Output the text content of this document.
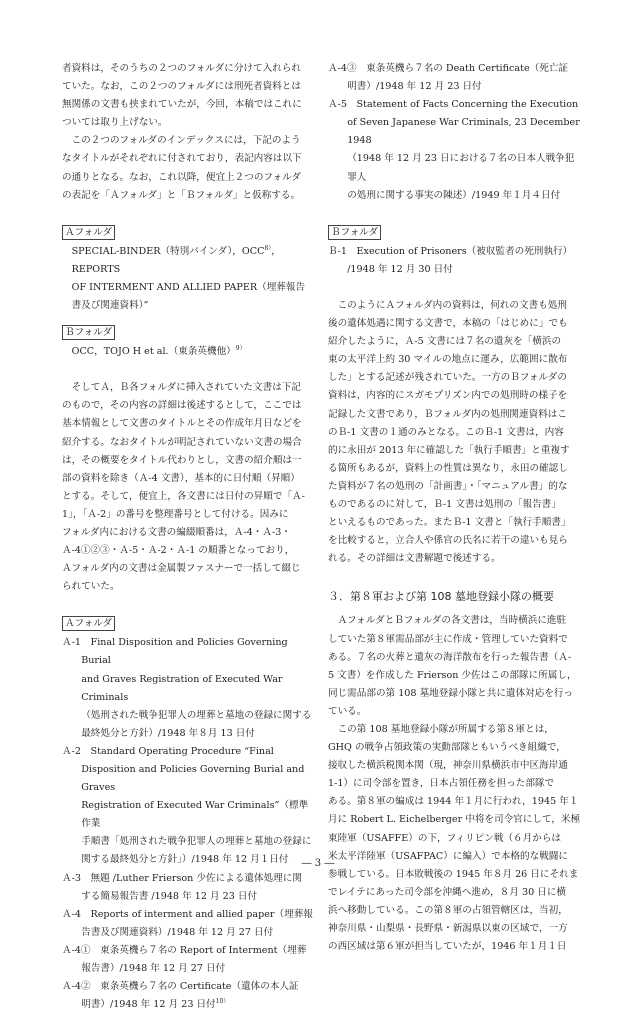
者資料は，そのうちの２つのフォルダに分けて入れられ
ていた。なお，この２つのフォルダには刑死者資料とは
無関係の文書も挟まれていたが，今回，本稿ではこれに
ついては取り上げない。

この２つのフォルダのインデックスには，下記のよう
なタイトルがそれぞれに付されており，表記内容は以下
の通りとなる。なお，これ以降，便宜上２つのフォルダ
の表記を「Ａフォルダ」と「Ｂフォルダ」と仮称する。

Ａフォルダ

SPECIAL-BINDER（特別バインダ），$OCC^{8)}$，REPORTS
OF INTERMENT AND ALLIED PAPER（埋葬報告
書及び関連資料）”

Ｂフォルダ

OCC，TOJO H et al.（東条英機他）$^{9)}$

そしてＡ，Ｂ各フォルダに挿入されていた文書は下記
のもので，その内容の詳細は後述するとして，ここでは
基本情報として文書のタイトルとその作成年月日などを
紹介する。なおタイトルが明記されていない文書の場合
は，その概要をタイトル代わりとし，文書の紹介順は一
部の資料を除き（Ａ-4 文書），基本的に日付順（昇順）
とする。そして，便宜上，各文書には日付の昇順で「Ａ-
1」，「Ａ-2」の番号を整理番号として付ける。因みに
フォルダ内における文書の編綴順番は，Ａ-4・Ａ-3・
Ａ-4①②③・Ａ-5・Ａ-2・Ａ-1 の順番となっており，
Ａフォルダ内の文書は金属製ファスナーで一括して綴じ
られていた。

Ａフォルダ

Ａ-1　Final Disposition and Policies Governing Burial
and Graves Registration of Executed War Criminals
（処刑された戦争犯罪人の埋葬と墓地の登録に関する
最終処分と方針）/1948 年８月 13 日付

Ａ-2　Standard Operating Procedure “Final
Disposition and Policies Governing Burial and Graves
Registration of Executed War Criminals”（標準作業
手順書「処刑された戦争犯罪人の埋葬と墓地の登録に
関する最終処分と方針」）/1948 年 12 月１日付

Ａ-3　無題 /Luther Frierson 少佐による遺体処理に関
する簡易報告書 /1948 年 12 月 23 日付

Ａ-4　Reports of interment and allied paper（埋葬報
告書及び関連資料）/1948 年 12 月 27 日付

Ａ-4①　東条英機ら７名の Report of Interment（埋葬
報告書）/1948 年 12 月 27 日付

Ａ-4②　東条英機ら７名の Certificate（遺体の本人証
明書）/1948 年 12 月 23 日付$^{10)}$

Ａ-4③　東条英機ら７名の Death Certificate（死亡証
明書）/1948 年 12 月 23 日付

Ａ-5　Statement of Facts Concerning the Execution
of Seven Japanese War Criminals, 23 December 1948
（1948 年 12 月 23 日における７名の日本人戦争犯罪人
の処刑に関する事実の陳述）/1949 年１月４日付

Ｂフォルダ

Ｂ-1　Execution of Prisoners（被収監者の死刑執行）
/1948 年 12 月 30 日付

このようにＡフォルダ内の資料は，何れの文書も処刑
後の遺体処遇に関する文書で，本稿の「はじめに」でも
紹介したように，Ａ-5 文書には７名の遺灰を「横浜の
東の太平洋上約 30 マイルの地点に運み，広範囲に散布
した」とする記述が残されていた。一方のＢフォルダの
資料は，内容的にスガモプリズン内での処刑時の様子を
記録した文書であり，Ｂフォルダ内の処刑関連資料はこ
のＢ-1 文書の１通のみとなる。このＢ-1 文書は，内容
的に永田が 2013 年に確認した「執行手順書」と重複す
る箇所もあるが，資料上の性質は異なり，永田の確認し
た資料が７名の処刑の「計画書」・「マニュアル書」的な
ものであるのに対して，Ｂ-1 文書は処刑の「報告書」
といえるものであった。またＢ-1 文書と「執行手順書」
を比較すると，立合人や係官の氏名に若干の違いも見ら
れる。その詳細は文書解題で後述する。

３．第８軍および第 108 墓地登録小隊の概要

ＡフォルダとＢフォルダの各文書は，当時横浜に進駐
していた第８軍需品部が主に作成・管理していた資料で
ある。７名の火葬と遺灰の海洋散布を行った報告書（Ａ-
5 文書）を作成した Frierson 少佐はこの部隊に所属し，
同じ需品部の第 108 墓地登録小隊と共に遺体対応を行っ
ている。

この第 108 墓地登録小隊が所属する第８軍とは，
GHQ の戦争占領政策の実動部隊ともいうべき組織で，
接収した横浜税関本関（現，神奈川県横浜市中区海岸通
1-1）に司令部を置き，日本占領任務を担った部隊で
ある。第８軍の編成は 1944 年１月に行われ，1945 年１
月に Robert L. Eichelberger 中将を司令官にして，米極
東陸軍（USAFFE）の下，フィリピン戦（６月からは
米太平洋陸軍（USAFPAC）に編入）で本格的な戦闘に
参戦している。日本敗戦後の 1945 年８月 26 日にそれま
でレイテにあった司令部を沖縄へ進め，８月 30 日に横
浜へ移動している。この第８軍の占領管轄区は，当初，
神奈川県・山梨県・長野県・新潟県以東の区域で，一方
の西区域は第６軍が担当していたが，1946 年１月１日

― 3 ―
